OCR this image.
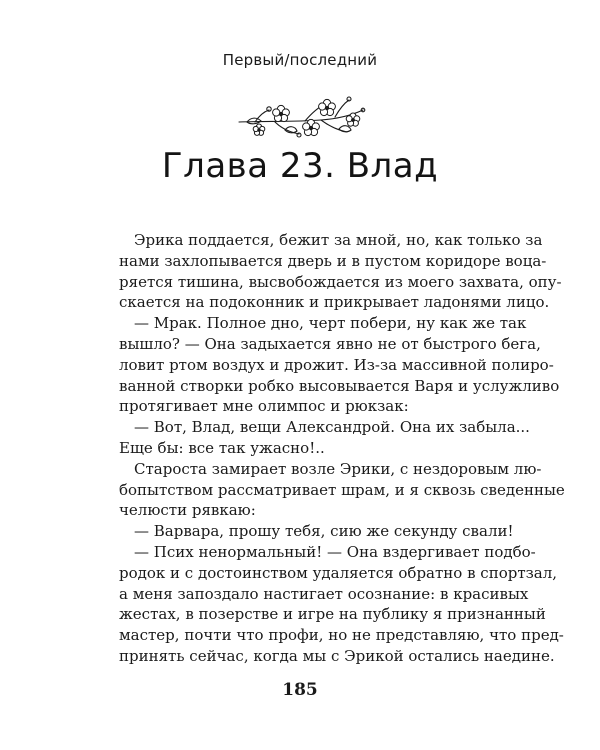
Первый/последний
Глава 23. Влад
Эрика поддается, бежит за мной, но, как только за
нами захлопывается дверь и в пустом коридоре воца-
ряется тишина, высвобождается из моего захвата, опу-
скается на подоконник и прикрывает ладонями лицо.
— Мрак. Полное дно, черт побери, ну как же так
вышло? — Она задыхается явно не от быстрого бега,
ловит ртом воздух и дрожит. Из-за массивной полиро-
ванной створки робко высовывается Варя и услужливо
протягивает мне олимпос и рюкзак:
— Вот, Влад, вещи Александрой. Она их забыла...
Еще бы: все так ужасно!..
Староста замирает возле Эрики, с нездоровым лю-
бопытством рассматривает шрам, и я сквозь сведенные
челюсти рявкаю:
— Варвара, прошу тебя, сию же секунду свали!
— Псих ненормальный! — Она вздергивает подбо-
родок и с достоинством удаляется обратно в спортзал,
а меня запоздало настигает осознание: в красивых
жестах, в позерстве и игре на публику я признанный
мастер, почти что профи, но не представляю, что пред-
принять сейчас, когда мы с Эрикой остались наедине.
185
